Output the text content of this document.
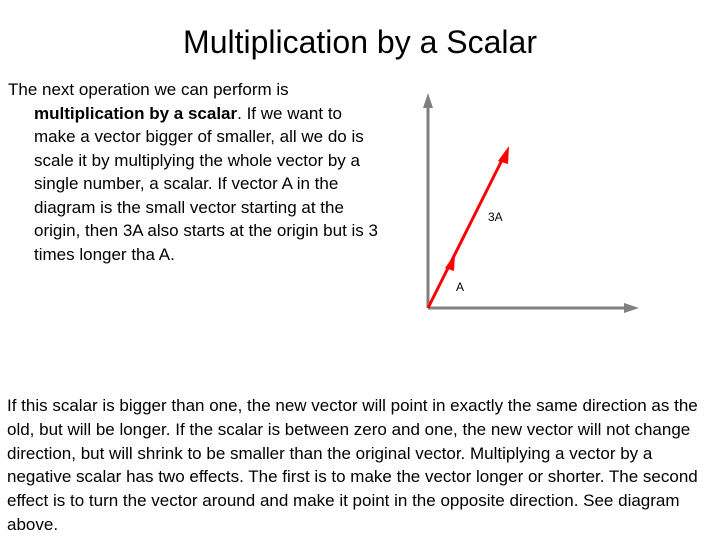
Multiplication by a Scalar
The next operation we can perform is multiplication by a scalar. If we want to make a vector bigger of smaller, all we do is scale it by multiplying the whole vector by a single number, a scalar. If vector A in the diagram is the small vector starting at the origin, then 3A also starts at the origin but is 3 times longer tha A.
3A
A
If this scalar is bigger than one, the new vector will point in exactly the same direction as the old, but will be longer. If the scalar is between zero and one, the new vector will not change direction, but will shrink to be smaller than the original vector. Multiplying a vector by a negative scalar has two effects. The first is to make the vector longer or shorter. The second effect is to turn the vector around and make it point in the opposite direction. See diagram above.
